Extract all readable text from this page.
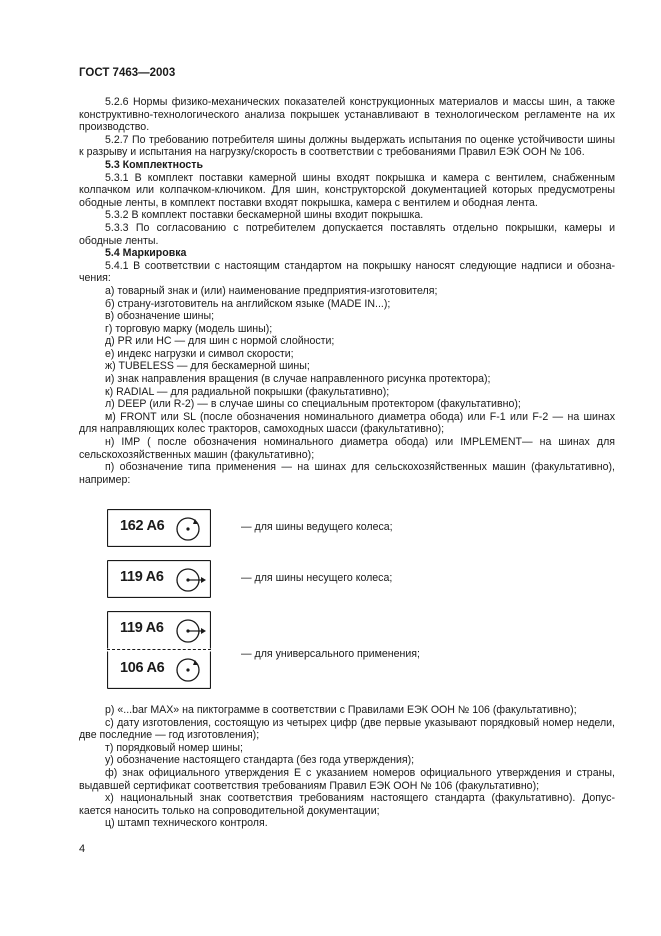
ГОСТ 7463—2003

5.2.6 Нормы физико-механических показателей конструкционных материалов и массы шин, а также конструктивно-технологического анализа покрышек устанавливают в технологическом регламенте на их производство.

5.2.7 По требованию потребителя шины должны выдержать испытания по оценке устойчивости шины к разрыву и испытания на нагрузку/скорость в соответствии с требованиями Правил ЕЭК ООН № 106.

5.3 Комплектность

5.3.1 В комплект поставки камерной шины входят покрышка и камера с вентилем, снабженным колпачком или колпачком-ключиком. Для шин, конструкторской документацией которых предусмотрены ободные ленты, в комплект поставки входят покрышка, камера с вентилем и ободная лента.

5.3.2 В комплект поставки бескамерной шины входит покрышка.

5.3.3 По согласованию с потребителем допускается поставлять отдельно покрышки, камеры и ободные ленты.

5.4 Маркировка

5.4.1 В соответствии с настоящим стандартом на покрышку наносят следующие надписи и обозна-чения:

а) товарный знак и (или) наименование предприятия-изготовителя;

б) страну-изготовитель на английском языке (MADE IN...);

в) обозначение шины;

г) торговую марку (модель шины);

д) PR или НС — для шин с нормой слойности;

е) индекс нагрузки и символ скорости;

ж) TUBELESS — для бескамерной шины;

и) знак направления вращения (в случае направленного рисунка протектора);

к) RADIAL — для радиальной покрышки (факультативно);

л) DEEP (или R-2) — в случае шины со специальным протектором (факультативно);

м) FRONT или SL (после обозначения номинального диаметра обода) или F-1 или F-2 — на шинах для направляющих колес тракторов, самоходных шасси (факультативно);

н) IMP ( после обозначения номинального диаметра обода) или IMPLEMENT— на шинах для сельскохозяйственных машин (факультативно);

п) обозначение типа применения — на шинах для сельскохозяйственных машин (факультативно), например:

162 A6	— для шины ведущего колеса;
119 A6	— для шины несущего колеса;
119 A6
106 A6
— для универсального применения;

р) «...bar MAX» на пиктограмме в соответствии с Правилами ЕЭК ООН № 106 (факультативно);

с) дату изготовления, состоящую из четырех цифр (две первые указывают порядковый номер недели, две последние — год изготовления);

т) порядковый номер шины;

у) обозначение настоящего стандарта (без года утверждения);

ф) знак официального утверждения Е с указанием номеров официального утверждения и страны, выдавшей сертификат соответствия требованиям Правил ЕЭК ООН № 106 (факультативно);

х) национальный знак соответствия требованиям настоящего стандарта (факультативно). Допус-кается наносить только на сопроводительной документации;

ц) штамп технического контроля.

4
